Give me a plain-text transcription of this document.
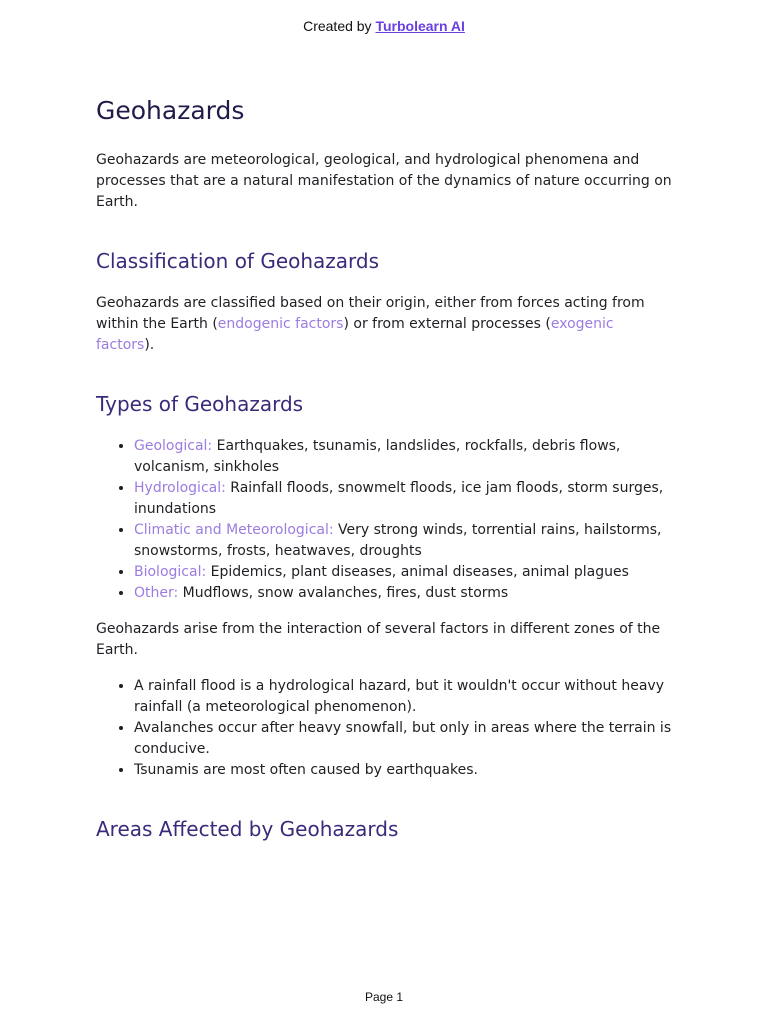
Created by Turbolearn AI
Geohazards

Geohazards are meteorological, geological, and hydrological phenomena and processes that are a natural manifestation of the dynamics of nature occurring on Earth.

Classification of Geohazards

Geohazards are classified based on their origin, either from forces acting from within the Earth (endogenic factors) or from external processes (exogenic factors).

Types of Geohazards
• Geological: Earthquakes, tsunamis, landslides, rockfalls, debris flows, volcanism, sinkholes
• Hydrological: Rainfall floods, snowmelt floods, ice jam floods, storm surges, inundations
• Climatic and Meteorological: Very strong winds, torrential rains, hailstorms, snowstorms, frosts, heatwaves, droughts
• Biological: Epidemics, plant diseases, animal diseases, animal plagues
• Other: Mudflows, snow avalanches, fires, dust storms

Geohazards arise from the interaction of several factors in different zones of the Earth.

• A rainfall flood is a hydrological hazard, but it wouldn't occur without heavy rainfall (a meteorological phenomenon).
• Avalanches occur after heavy snowfall, but only in areas where the terrain is conducive.
• Tsunamis are most often caused by earthquakes.
Areas Affected by Geohazards
Page 1
